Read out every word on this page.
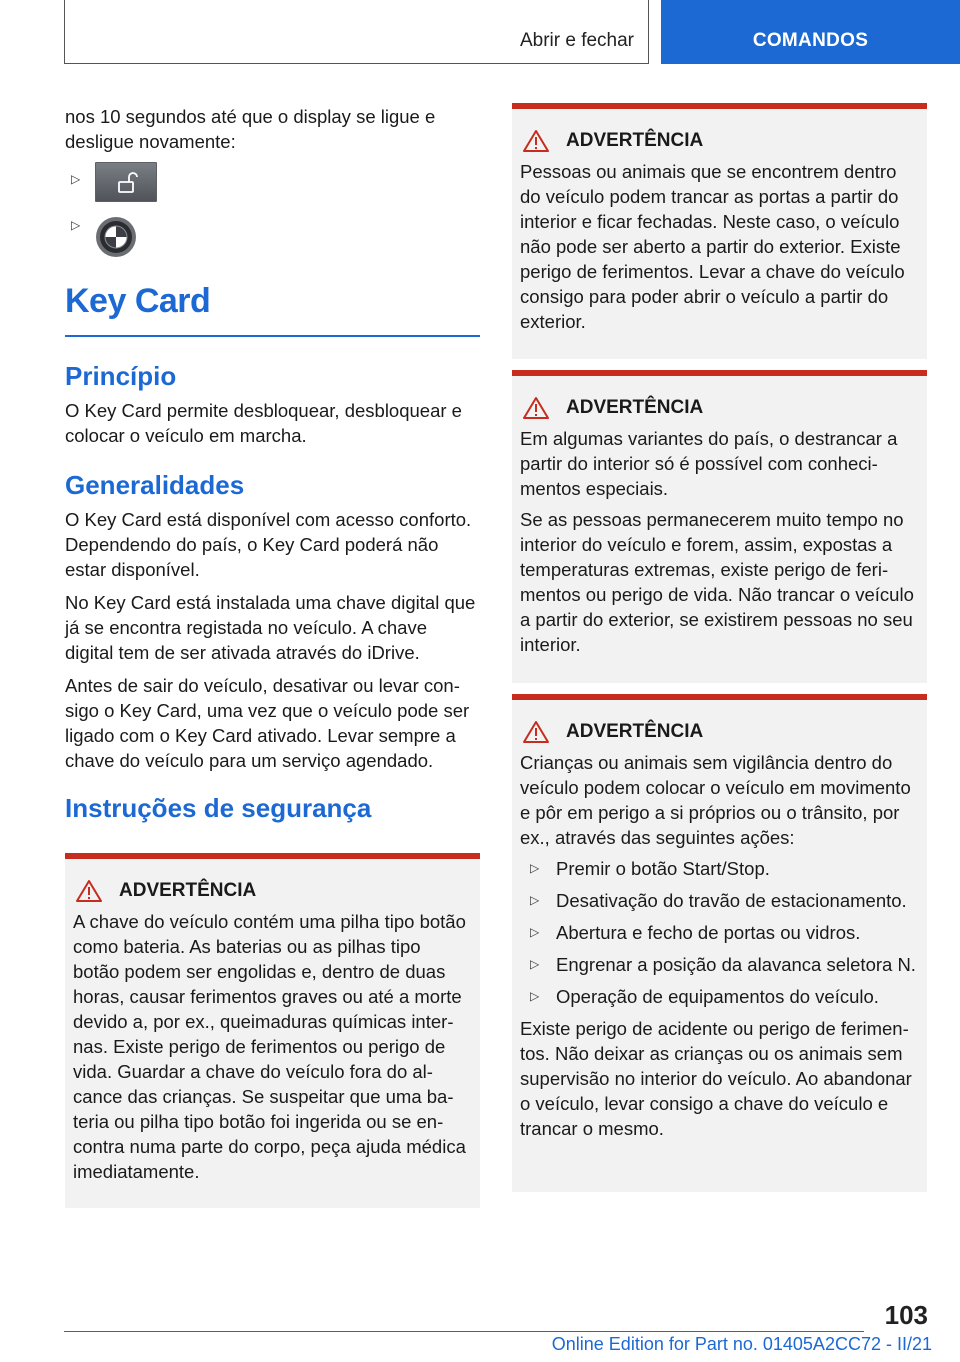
Abrir e fechar	COMANDOS

nos 10 segundos até que o display se ligue e desligue novamente:

▷
▷
Key Card
Princípio

O Key Card permite desbloquear, desbloquear e colocar o veículo em marcha.

Generalidades

O Key Card está disponível com acesso conforto. Dependendo do país, o Key Card poderá não estar disponível.

No Key Card está instalada uma chave digital que já se encontra registada no veículo. A chave digital tem de ser ativada através do iDrive.

Antes de sair do veículo, desativar ou levar consigo o Key Card, uma vez que o veículo pode ser ligado com o Key Card ativado. Levar sempre a chave do veículo para um serviço agendado.

Instruções de segurança
ADVERTÊNCIA

A chave do veículo contém uma pilha tipo botão como bateria. As baterias ou as pilhas tipo botão podem ser engolidas e, dentro de duas horas, causar ferimentos graves ou até a morte devido a, por ex., queimaduras químicas internas. Existe perigo de ferimentos ou perigo de vida. Guardar a chave do veículo fora do alcance das crianças. Se suspeitar que uma bateria ou pilha tipo botão foi ingerida ou se encontra numa parte do corpo, peça ajuda médica imediatamente.

ADVERTÊNCIA

Pessoas ou animais que se encontrem dentro do veículo podem trancar as portas a partir do interior e ficar fechadas. Neste caso, o veículo não pode ser aberto a partir do exterior. Existe perigo de ferimentos. Levar a chave do veículo consigo para poder abrir o veículo a partir do exterior.

ADVERTÊNCIA

Em algumas variantes do país, o destrancar a partir do interior só é possível com conhecimentos especiais.

Se as pessoas permanecerem muito tempo no interior do veículo e forem, assim, expostas a temperaturas extremas, existe perigo de ferimentos ou perigo de vida. Não trancar o veículo a partir do exterior, se existirem pessoas no seu interior.

ADVERTÊNCIA

Crianças ou animais sem vigilância dentro do veículo podem colocar o veículo em movimento e pôr em perigo a si próprios ou o trânsito, por ex., através das seguintes ações:

▷ Premir o botão Start/Stop.
▷ Desativação do travão de estacionamento.
▷ Abertura e fecho de portas ou vidros.
▷ Engrenar a posição da alavanca seletora N.
▷ Operação de equipamentos do veículo.

Existe perigo de acidente ou perigo de ferimentos. Não deixar as crianças ou os animais sem supervisão no interior do veículo. Ao abandonar o veículo, levar consigo a chave do veículo e trancar o mesmo.

103
Online Edition for Part no. 01405A2CC72 - II/21
